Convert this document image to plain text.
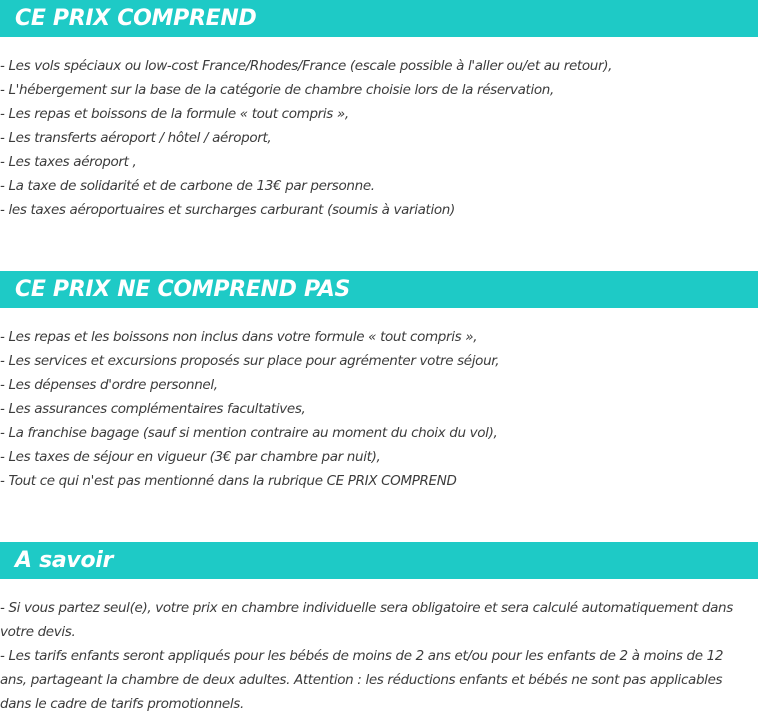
CE PRIX COMPREND
- Les vols spéciaux ou low-cost France/Rhodes/France (escale possible à l'aller ou/et au retour),
- L'hébergement sur la base de la catégorie de chambre choisie lors de la réservation,
- Les repas et boissons de la formule « tout compris »,
- Les transferts aéroport / hôtel / aéroport,
- Les taxes aéroport ,
- La taxe de solidarité et de carbone de 13€ par personne.
- les taxes aéroportuaires et surcharges carburant (soumis à variation)
CE PRIX NE COMPREND PAS
- Les repas et les boissons non inclus dans votre formule « tout compris »,
- Les services et excursions proposés sur place pour agrémenter votre séjour,
- Les dépenses d'ordre personnel,
- Les assurances complémentaires facultatives,
- La franchise bagage (sauf si mention contraire au moment du choix du vol),
- Les taxes de séjour en vigueur (3€ par chambre par nuit),
- Tout ce qui n'est pas mentionné dans la rubrique CE PRIX COMPREND
A savoir
- Si vous partez seul(e), votre prix en chambre individuelle sera obligatoire et sera calculé automatiquement dans votre devis.
- Les tarifs enfants seront appliqués pour les bébés de moins de 2 ans et/ou pour les enfants de 2 à moins de 12 ans, partageant la chambre de deux adultes. Attention : les réductions enfants et bébés ne sont pas applicables dans le cadre de tarifs promotionnels.
